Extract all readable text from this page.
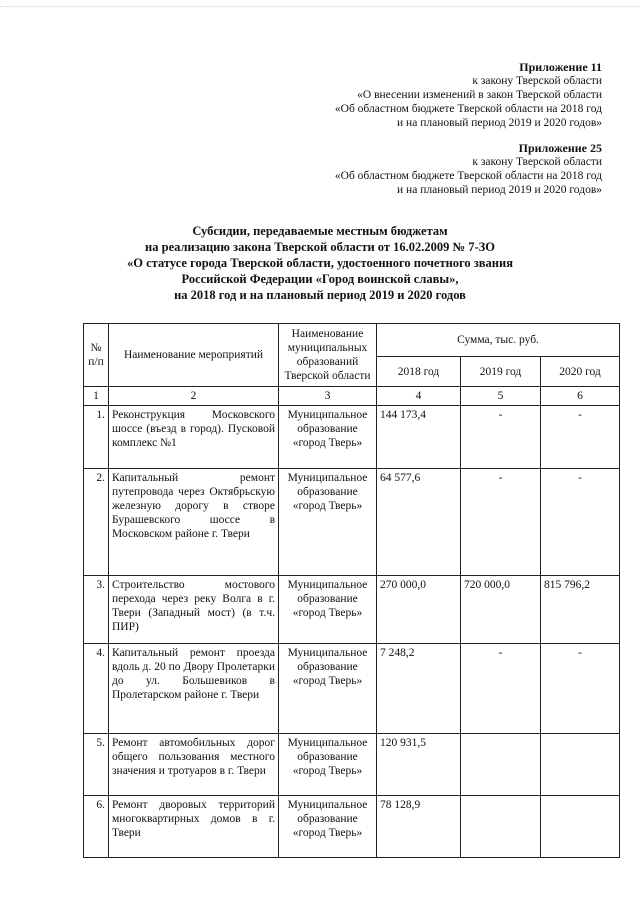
Приложение 11
к закону Тверской области
«О внесении изменений в закон Тверской области
«Об областном бюджете Тверской области на 2018 год
и на плановый период 2019 и 2020 годов»
Приложение 25
к закону Тверской области
«Об областном бюджете Тверской области на 2018 год
и на плановый период 2019 и 2020 годов»
Субсидии, передаваемые местным бюджетам
на реализацию закона Тверской области от 16.02.2009 № 7-ЗО
«О статусе города Тверской области, удостоенного почетного звания
Российской Федерации «Город воинской славы»,
на 2018 год и на плановый период 2019 и 2020 годов
№ п/п	Наименование мероприятий	Наименование муниципальных образований Тверской области	Сумма, тыс. руб.		
			2018 год	2019 год	2020 год
1	2	3	4	5	6
1.	Реконструкция Московского шоссе (въезд в город). Пусковой комплекс №1	Муниципальное образование «город Тверь»	144 173,4	-	-
2.	Капитальный ремонт путепровода через Октябрьскую железную дорогу в створе Бурашевского шоссе в Московском районе г. Твери	Муниципальное образование «город Тверь»	64 577,6	-	-
3.	Строительство мостового перехода через реку Волга в г. Твери (Западный мост) (в т.ч. ПИР)	Муниципальное образование «город Тверь»	270 000,0	720 000,0	815 796,2
4.	Капитальный ремонт проезда вдоль д. 20 по Двору Пролетарки до ул. Большевиков в Пролетарском районе г. Твери	Муниципальное образование «город Тверь»	7 248,2	-	-
5.	Ремонт автомобильных дорог общего пользования местного значения и тротуаров в г. Твери	Муниципальное образование «город Тверь»	120 931,5		
6.	Ремонт дворовых территорий многоквартирных домов в г. Твери	Муниципальное образование «город Тверь»	78 128,9		
